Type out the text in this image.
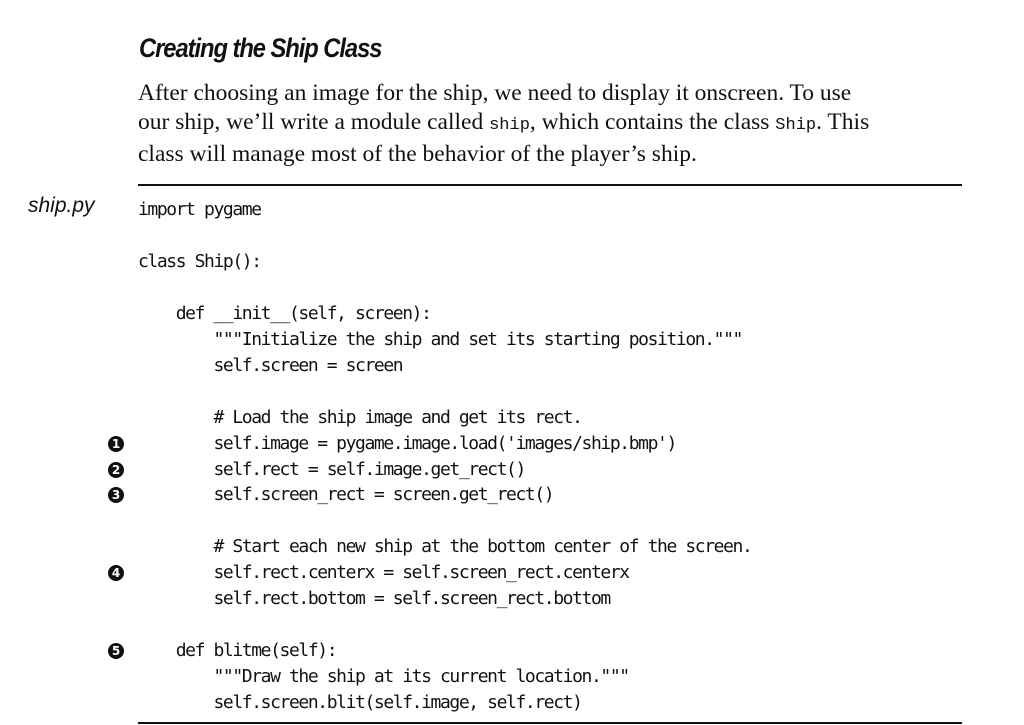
Creating the Ship Class
After choosing an image for the ship, we need to display it onscreen. To use
our ship, we’ll write a module called ship, which contains the class Ship. This
class will manage most of the behavior of the player’s ship.
ship.py import pygame
class Ship():
def __init__(self, screen):
"""Initialize the ship and set its starting position."""
self.screen = screen
# Load the ship image and get its rect.
self.image = pygame.image.load('images/ship.bmp')
self.rect = self.image.get_rect()
self.screen_rect = screen.get_rect()
# Start each new ship at the bottom center of the screen.
self.rect.centerx = self.screen_rect.centerx
self.rect.bottom = self.screen_rect.bottom
def blitme(self):
"""Draw the ship at its current location."""
self.screen.blit(self.image, self.rect)
1
2
3
4
5
